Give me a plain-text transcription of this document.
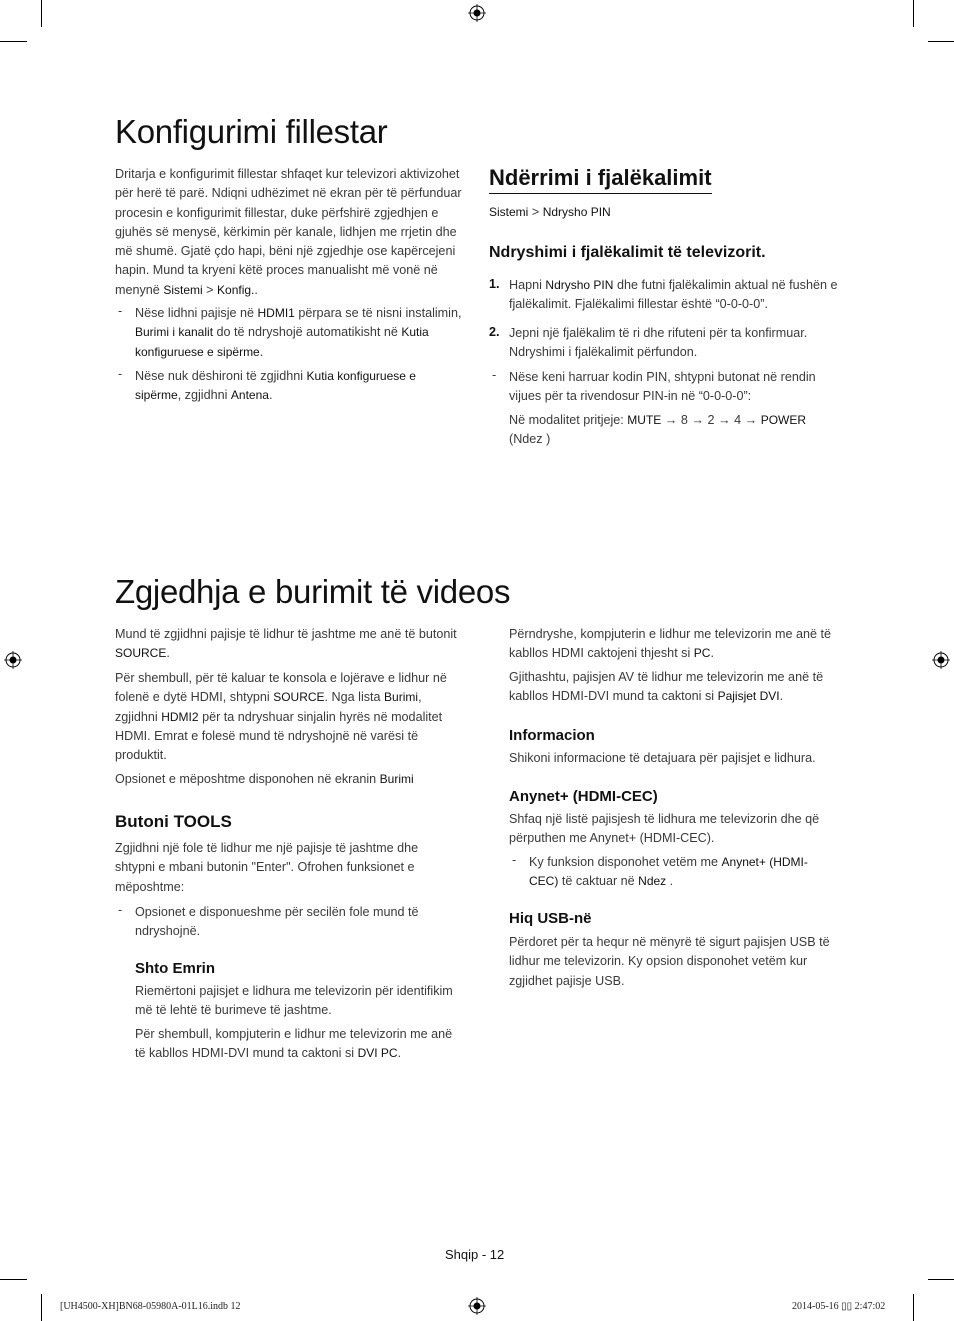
Konfigurimi fillestar

Dritarja e konfigurimit fillestar shfaqet kur televizori aktivizohet për herë të parë. Ndiqni udhëzimet në ekran për të përfunduar procesin e konfigurimit fillestar, duke përfshirë zgjedhjen e gjuhës së menysë, kërkimin për kanale, lidhjen me rrjetin dhe më shumë. Gjatë çdo hapi, bëni një zgjedhje ose kapërcejeni hapin. Mund ta kryeni këtë proces manualisht më vonë në menynë Sistemi > Konfig..

- Nëse lidhni pajisje në HDMI1 përpara se të nisni instalimin, Burimi i kanalit do të ndryshojë automatikisht në Kutia konfiguruese e sipërme.

- Nëse nuk dëshironi të zgjidhni Kutia konfiguruese e sipërme, zgjidhni Antena.

Ndërrimi i fjalëkalimit

Sistemi > Ndrysho PIN

Ndryshimi i fjalëkalimit të televizorit.
1. Hapni Ndrysho PIN dhe futni fjalëkalimin aktual në fushën e fjalëkalimit. Fjalëkalimi fillestar është “0-0-0-0”.

2. Jepni një fjalëkalim të ri dhe rifuteni për ta konfirmuar. Ndryshimi i fjalëkalimit përfundon.

- Nëse keni harruar kodin PIN, shtypni butonat në rendin vijues për ta rivendosur PIN-in në “0-0-0-0”:

Në modalitet pritjeje: MUTE → 8 → 2 → 4 → POWER
(Ndez )

Zgjedhja e burimit të videos

Mund të zgjidhni pajisje të lidhur të jashtme me anë të butonit SOURCE.

Për shembull, për të kaluar te konsola e lojërave e lidhur në folenë e dytë HDMI, shtypni SOURCE. Nga lista Burimi, zgjidhni HDMI2 për ta ndryshuar sinjalin hyrës në modalitet HDMI. Emrat e folesë mund të ndryshojnë në varësi të produktit.

Opsionet e mëposhtme disponohen në ekranin Burimi

Butoni TOOLS

Zgjidhni një fole të lidhur me një pajisje të jashtme dhe shtypni e mbani butonin "Enter". Ofrohen funksionet e mëposhtme:

- Opsionet e disponueshme për secilën fole mund të ndryshojnë.

Shto Emrin

Riemërtoni pajisjet e lidhura me televizorin për identifikim më të lehtë të burimeve të jashtme.

Për shembull, kompjuterin e lidhur me televizorin me anë të kabllos HDMI-DVI mund ta caktoni si DVI PC.

Përndryshe, kompjuterin e lidhur me televizorin me anë të kabllos HDMI caktojeni thjesht si PC.

Gjithashtu, pajisjen AV të lidhur me televizorin me anë të kabllos HDMI-DVI mund ta caktoni si Pajisjet DVI.

Informacion

Shikoni informacione të detajuara për pajisjet e lidhura.

Anynet+ (HDMI-CEC)

Shfaq një listë pajisjesh të lidhura me televizorin dhe që përputhen me Anynet+ (HDMI-CEC).

- Ky funksion disponohet vetëm me Anynet+ (HDMI-CEC) të caktuar në Ndez .

Hiq USB-në

Përdoret për ta hequr në mënyrë të sigurt pajisjen USB të lidhur me televizorin. Ky opsion disponohet vetëm kur zgjidhet pajisje USB.

Shqip - 12
[UH4500-XH]BN68-05980A-01L16.indb 12	2014-05-16 ▯▯ 2:47:02
